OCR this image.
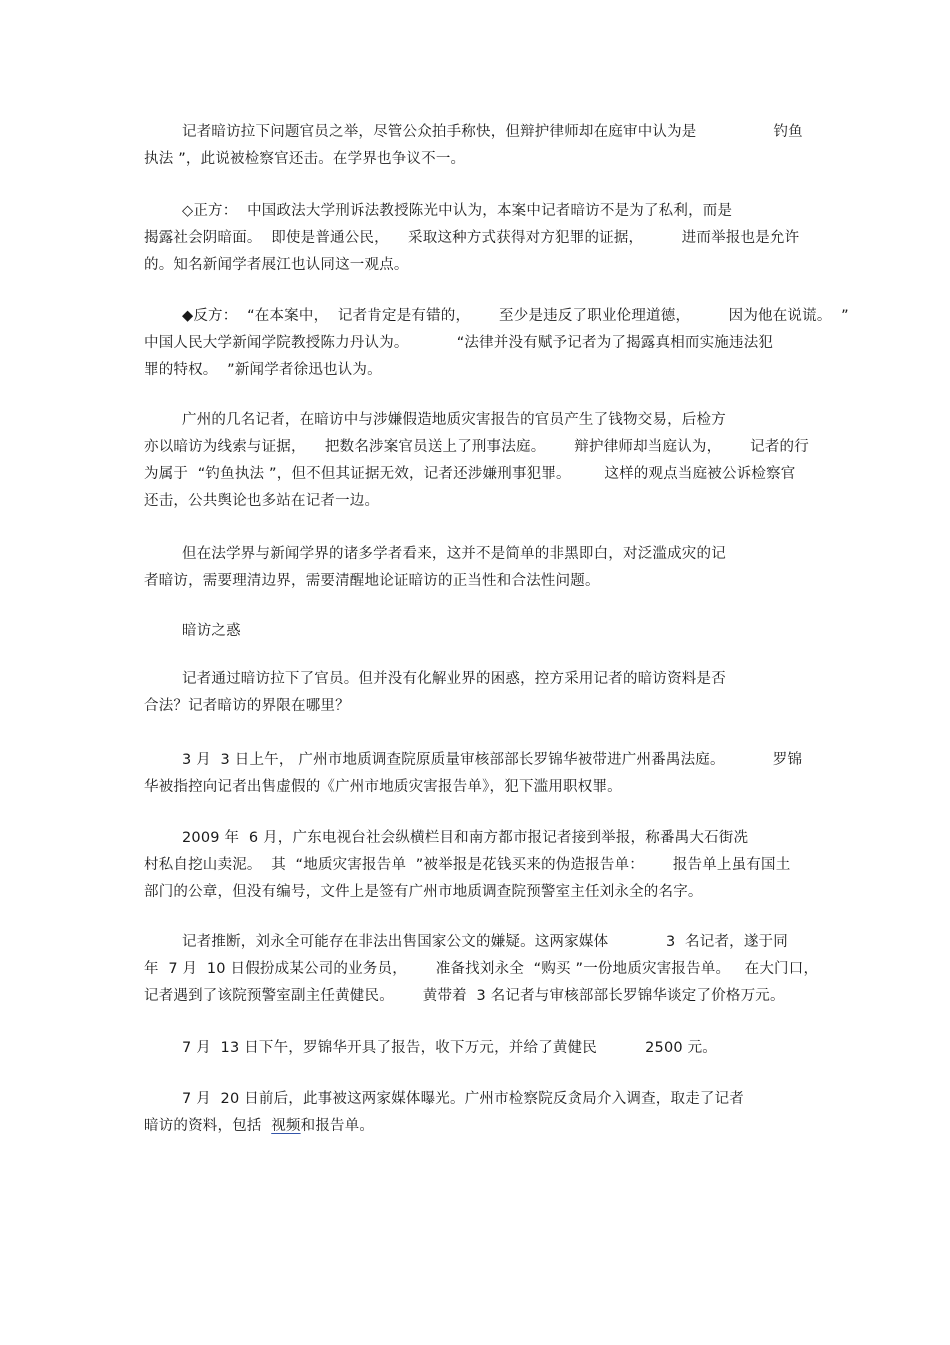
记者暗访拉下问题官员之举，尽管公众拍手称快，但辩护律师却在庭审中认为是                钓鱼
执法 ”，此说被检察官还击。在学界也争议不一。
◇正方：  中国政法大学刑诉法教授陈光中认为，本案中记者暗访不是为了私利，而是
揭露社会阴暗面。  即使是普通公民，    采取这种方式获得对方犯罪的证据，        进而举报也是允许
的。知名新闻学者展江也认同这一观点。
◆反方：  “在本案中，  记者肯定是有错的，      至少是违反了职业伦理道德，        因为他在说谎。  ”
中国人民大学新闻学院教授陈力丹认为。          “法律并没有赋予记者为了揭露真相而实施违法犯
罪的特权。  ”新闻学者徐迅也认为。
广州的几名记者，在暗访中与涉嫌假造地质灾害报告的官员产生了钱物交易，后检方
亦以暗访为线索与证据，    把数名涉案官员送上了刑事法庭。      辩护律师却当庭认为，      记者的行
为属于  “钓鱼执法 ”，但不但其证据无效，记者还涉嫌刑事犯罪。       这样的观点当庭被公诉检察官
还击，公共舆论也多站在记者一边。
但在法学界与新闻学界的诸多学者看来，这并不是简单的非黑即白，对泛滥成灾的记
者暗访，需要理清边界，需要清醒地论证暗访的正当性和合法性问题。
暗访之惑
记者通过暗访拉下了官员。但并没有化解业界的困惑，控方采用记者的暗访资料是否
合法？记者暗访的界限在哪里？
3 月  3 日上午， 广州市地质调查院原质量审核部部长罗锦华被带进广州番禺法庭。          罗锦
华被指控向记者出售虚假的《广州市地质灾害报告单》，犯下滥用职权罪。
2009 年  6 月，广东电视台社会纵横栏目和南方都市报记者接到举报，称番禺大石街冼
村私自挖山卖泥。  其  “地质灾害报告单  ”被举报是花钱买来的伪造报告单：      报告单上虽有国土
部门的公章，但没有编号，文件上是签有广州市地质调查院预警室主任刘永全的名字。
记者推断，刘永全可能存在非法出售国家公文的嫌疑。这两家媒体            3  名记者，遂于同
年  7 月  10 日假扮成某公司的业务员，      准备找刘永全  “购买 ”一份地质灾害报告单。   在大门口，
记者遇到了该院预警室副主任黄健民。      黄带着  3 名记者与审核部部长罗锦华谈定了价格万元。
7 月  13 日下午，罗锦华开具了报告，收下万元，并给了黄健民          2500 元。
7 月  20 日前后，此事被这两家媒体曝光。广州市检察院反贪局介入调查，取走了记者
暗访的资料，包括  视频和报告单。
